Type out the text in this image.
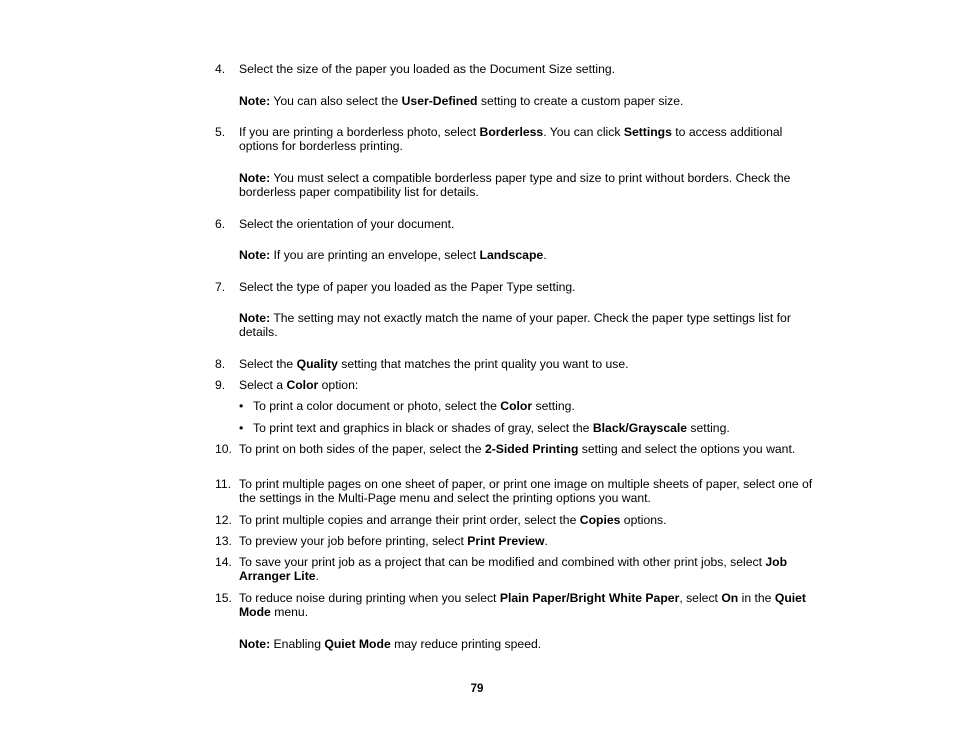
4.	Select the size of the paper you loaded as the Document Size setting.
Note: You can also select the User-Defined setting to create a custom paper size.
5.	If you are printing a borderless photo, select Borderless. You can click Settings to access additional options for borderless printing.
Note: You must select a compatible borderless paper type and size to print without borders. Check the borderless paper compatibility list for details.
6.	Select the orientation of your document.
Note: If you are printing an envelope, select Landscape.
7.	Select the type of paper you loaded as the Paper Type setting.
Note: The setting may not exactly match the name of your paper. Check the paper type settings list for details.
8.	Select the Quality setting that matches the print quality you want to use.
9.	Select a Color option:
• To print a color document or photo, select the Color setting.
• To print text and graphics in black or shades of gray, select the Black/Grayscale setting.
10. To print on both sides of the paper, select the 2-Sided Printing setting and select the options you want.
11. To print multiple pages on one sheet of paper, or print one image on multiple sheets of paper, select one of the settings in the Multi-Page menu and select the printing options you want.
12. To print multiple copies and arrange their print order, select the Copies options.
13. To preview your job before printing, select Print Preview.
14. To save your print job as a project that can be modified and combined with other print jobs, select Job Arranger Lite.
15. To reduce noise during printing when you select Plain Paper/Bright White Paper, select On in the Quiet Mode menu.
Note: Enabling Quiet Mode may reduce printing speed.
79
